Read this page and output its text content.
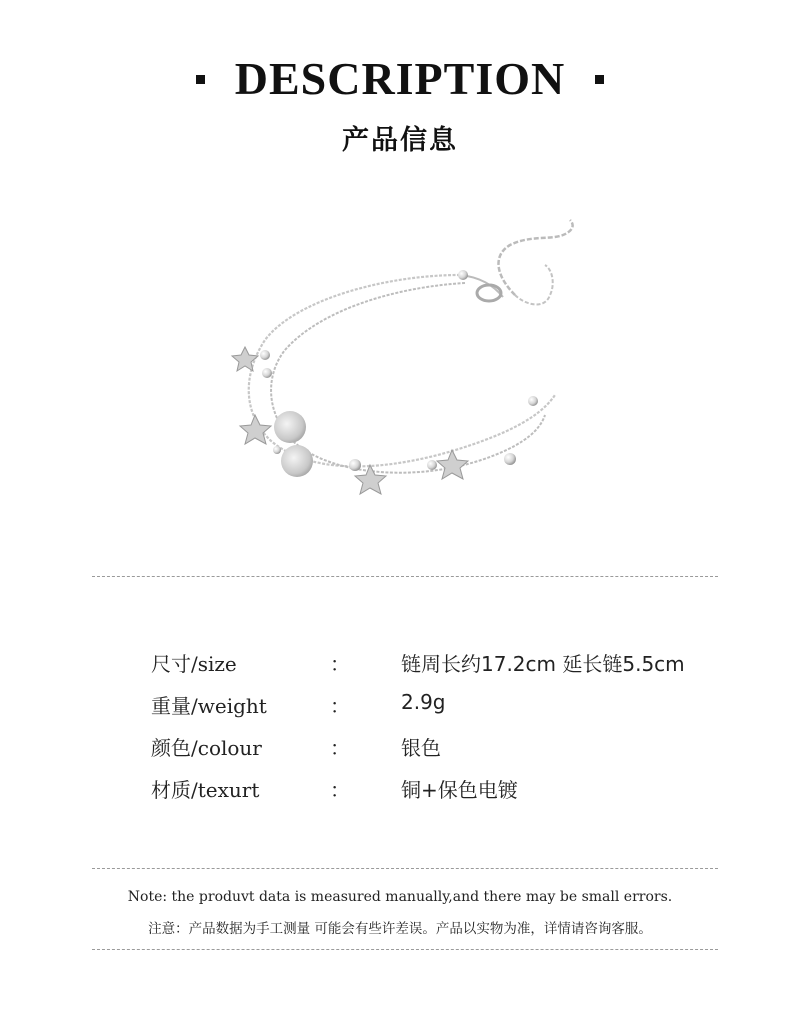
DESCRIPTION
产品信息
尺寸/size	：	链周长约17.2cm 延长链5.5cm
重量/weight	：	2.9g
颜色/colour	：	银色
材质/texurt	：	铜+保色电镀
Note: the produvt data is measured manually,and there may be small errors.
注意：产品数据为手工测量 可能会有些许差误。产品以实物为准，详情请咨询客服。
